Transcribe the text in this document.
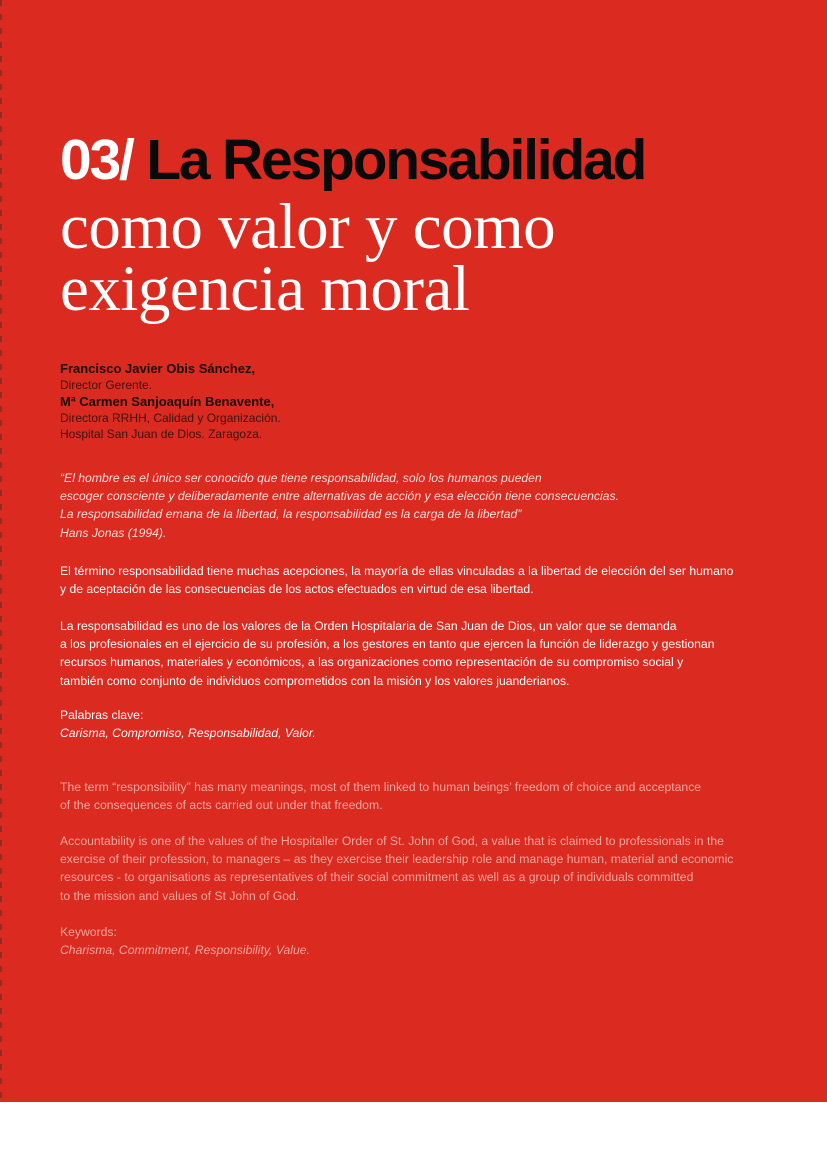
03/ La Responsabilidad
como valor y como
exigencia moral
Francisco Javier Obis Sánchez,
Director Gerente.
Mª Carmen Sanjoaquín Benavente,
Directora RRHH, Calidad y Organización.
Hospital San Juan de Dios. Zaragoza.
“El hombre es el único ser conocido que tiene responsabilidad, solo los humanos pueden
escoger consciente y deliberadamente entre alternativas de acción y esa elección tiene consecuencias.
La responsabilidad emana de la libertad, la responsabilidad es la carga de la libertad”
Hans Jonas (1994).
El término responsabilidad tiene muchas acepciones, la mayoría de ellas vinculadas a la libertad de elección del ser humano
y de aceptación de las consecuencias de los actos efectuados en virtud de esa libertad.
La responsabilidad es uno de los valores de la Orden Hospitalaria de San Juan de Dios, un valor que se demanda
a los profesionales en el ejercicio de su profesión, a los gestores en tanto que ejercen la función de liderazgo y gestionan
recursos humanos, materiales y económicos, a las organizaciones como representación de su compromiso social y
también como conjunto de individuos comprometidos con la misión y los valores juanderianos.
Palabras clave:
Carisma, Compromiso, Responsabilidad, Valor.
The term “responsibility” has many meanings, most of them linked to human beings’ freedom of choice and acceptance
of the consequences of acts carried out under that freedom.
Accountability is one of the values of the Hospitaller Order of St. John of God, a value that is claimed to professionals in the
exercise of their profession, to managers – as they exercise their leadership role and manage human, material and economic
resources - to organisations as representatives of their social commitment as well as a group of individuals committed
to the mission and values of St John of God.
Keywords:
Charisma, Commitment, Responsibility, Value.
